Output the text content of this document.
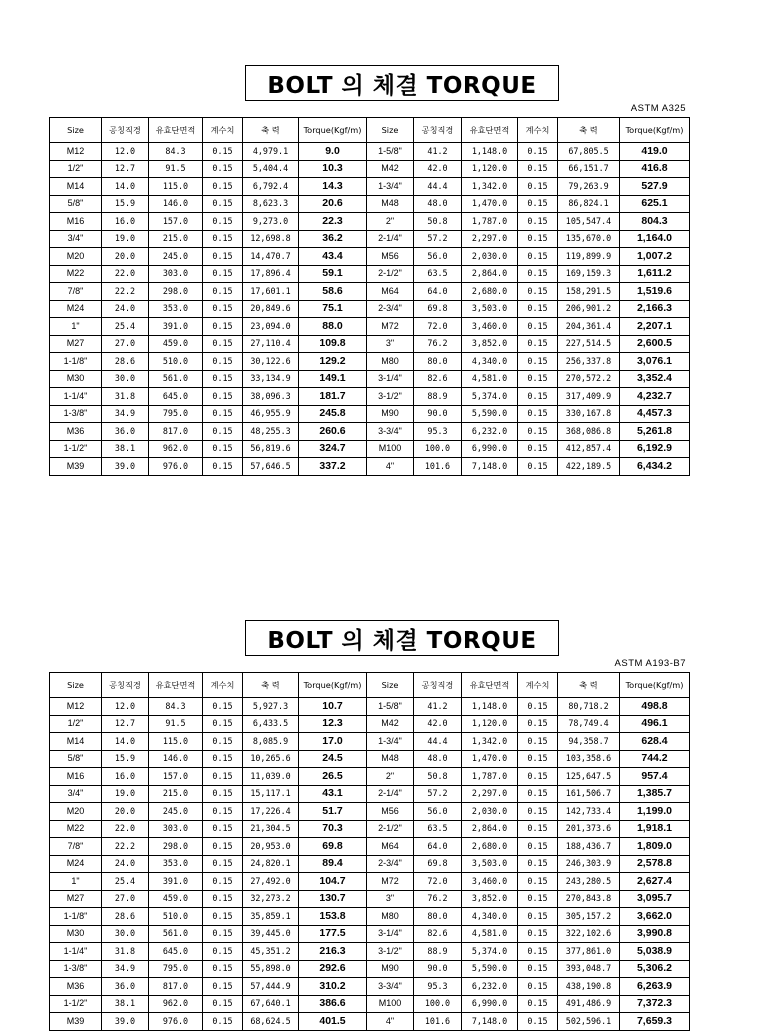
BOLT 의 체결 TORQUE
ASTM A325
Size	공칭직경	유효단면적	계수치	축 력	Torque(Kgf/m)	Size	공칭직경	유효단면적	계수치	축 력	Torque(Kgf/m)
M12	12.0	84.3	0.15	4,979.1	9.0	1-5/8"	41.2	1,148.0	0.15	67,805.5	419.0
1/2"	12.7	91.5	0.15	5,404.4	10.3	M42	42.0	1,120.0	0.15	66,151.7	416.8
M14	14.0	115.0	0.15	6,792.4	14.3	1-3/4"	44.4	1,342.0	0.15	79,263.9	527.9
5/8"	15.9	146.0	0.15	8,623.3	20.6	M48	48.0	1,470.0	0.15	86,824.1	625.1
M16	16.0	157.0	0.15	9,273.0	22.3	2"	50.8	1,787.0	0.15	105,547.4	804.3
3/4"	19.0	215.0	0.15	12,698.8	36.2	2-1/4"	57.2	2,297.0	0.15	135,670.0	1,164.0
M20	20.0	245.0	0.15	14,470.7	43.4	M56	56.0	2,030.0	0.15	119,899.9	1,007.2
M22	22.0	303.0	0.15	17,896.4	59.1	2-1/2"	63.5	2,864.0	0.15	169,159.3	1,611.2
7/8"	22.2	298.0	0.15	17,601.1	58.6	M64	64.0	2,680.0	0.15	158,291.5	1,519.6
M24	24.0	353.0	0.15	20,849.6	75.1	2-3/4"	69.8	3,503.0	0.15	206,901.2	2,166.3
1"	25.4	391.0	0.15	23,094.0	88.0	M72	72.0	3,460.0	0.15	204,361.4	2,207.1
M27	27.0	459.0	0.15	27,110.4	109.8	3"	76.2	3,852.0	0.15	227,514.5	2,600.5
1-1/8"	28.6	510.0	0.15	30,122.6	129.2	M80	80.0	4,340.0	0.15	256,337.8	3,076.1
M30	30.0	561.0	0.15	33,134.9	149.1	3-1/4"	82.6	4,581.0	0.15	270,572.2	3,352.4
1-1/4"	31.8	645.0	0.15	38,096.3	181.7	3-1/2"	88.9	5,374.0	0.15	317,409.9	4,232.7
1-3/8"	34.9	795.0	0.15	46,955.9	245.8	M90	90.0	5,590.0	0.15	330,167.8	4,457.3
M36	36.0	817.0	0.15	48,255.3	260.6	3-3/4"	95.3	6,232.0	0.15	368,086.8	5,261.8
1-1/2"	38.1	962.0	0.15	56,819.6	324.7	M100	100.0	6,990.0	0.15	412,857.4	6,192.9
M39	39.0	976.0	0.15	57,646.5	337.2	4"	101.6	7,148.0	0.15	422,189.5	6,434.2
BOLT 의 체결 TORQUE
ASTM A193-B7
Size	공칭직경	유효단면적	계수치	축 력	Torque(Kgf/m)	Size	공칭직경	유효단면적	계수치	축 력	Torque(Kgf/m)
M12	12.0	84.3	0.15	5,927.3	10.7	1-5/8"	41.2	1,148.0	0.15	80,718.2	498.8
1/2"	12.7	91.5	0.15	6,433.5	12.3	M42	42.0	1,120.0	0.15	78,749.4	496.1
M14	14.0	115.0	0.15	8,085.9	17.0	1-3/4"	44.4	1,342.0	0.15	94,358.7	628.4
5/8"	15.9	146.0	0.15	10,265.6	24.5	M48	48.0	1,470.0	0.15	103,358.6	744.2
M16	16.0	157.0	0.15	11,039.0	26.5	2"	50.8	1,787.0	0.15	125,647.5	957.4
3/4"	19.0	215.0	0.15	15,117.1	43.1	2-1/4"	57.2	2,297.0	0.15	161,506.7	1,385.7
M20	20.0	245.0	0.15	17,226.4	51.7	M56	56.0	2,030.0	0.15	142,733.4	1,199.0
M22	22.0	303.0	0.15	21,304.5	70.3	2-1/2"	63.5	2,864.0	0.15	201,373.6	1,918.1
7/8"	22.2	298.0	0.15	20,953.0	69.8	M64	64.0	2,680.0	0.15	188,436.7	1,809.0
M24	24.0	353.0	0.15	24,820.1	89.4	2-3/4"	69.8	3,503.0	0.15	246,303.9	2,578.8
1"	25.4	391.0	0.15	27,492.0	104.7	M72	72.0	3,460.0	0.15	243,280.5	2,627.4
M27	27.0	459.0	0.15	32,273.2	130.7	3"	76.2	3,852.0	0.15	270,843.8	3,095.7
1-1/8"	28.6	510.0	0.15	35,859.1	153.8	M80	80.0	4,340.0	0.15	305,157.2	3,662.0
M30	30.0	561.0	0.15	39,445.0	177.5	3-1/4"	82.6	4,581.0	0.15	322,102.6	3,990.8
1-1/4"	31.8	645.0	0.15	45,351.2	216.3	3-1/2"	88.9	5,374.0	0.15	377,861.0	5,038.9
1-3/8"	34.9	795.0	0.15	55,898.0	292.6	M90	90.0	5,590.0	0.15	393,048.7	5,306.2
M36	36.0	817.0	0.15	57,444.9	310.2	3-3/4"	95.3	6,232.0	0.15	438,190.8	6,263.9
1-1/2"	38.1	962.0	0.15	67,640.1	386.6	M100	100.0	6,990.0	0.15	491,486.9	7,372.3
M39	39.0	976.0	0.15	68,624.5	401.5	4"	101.6	7,148.0	0.15	502,596.1	7,659.3
